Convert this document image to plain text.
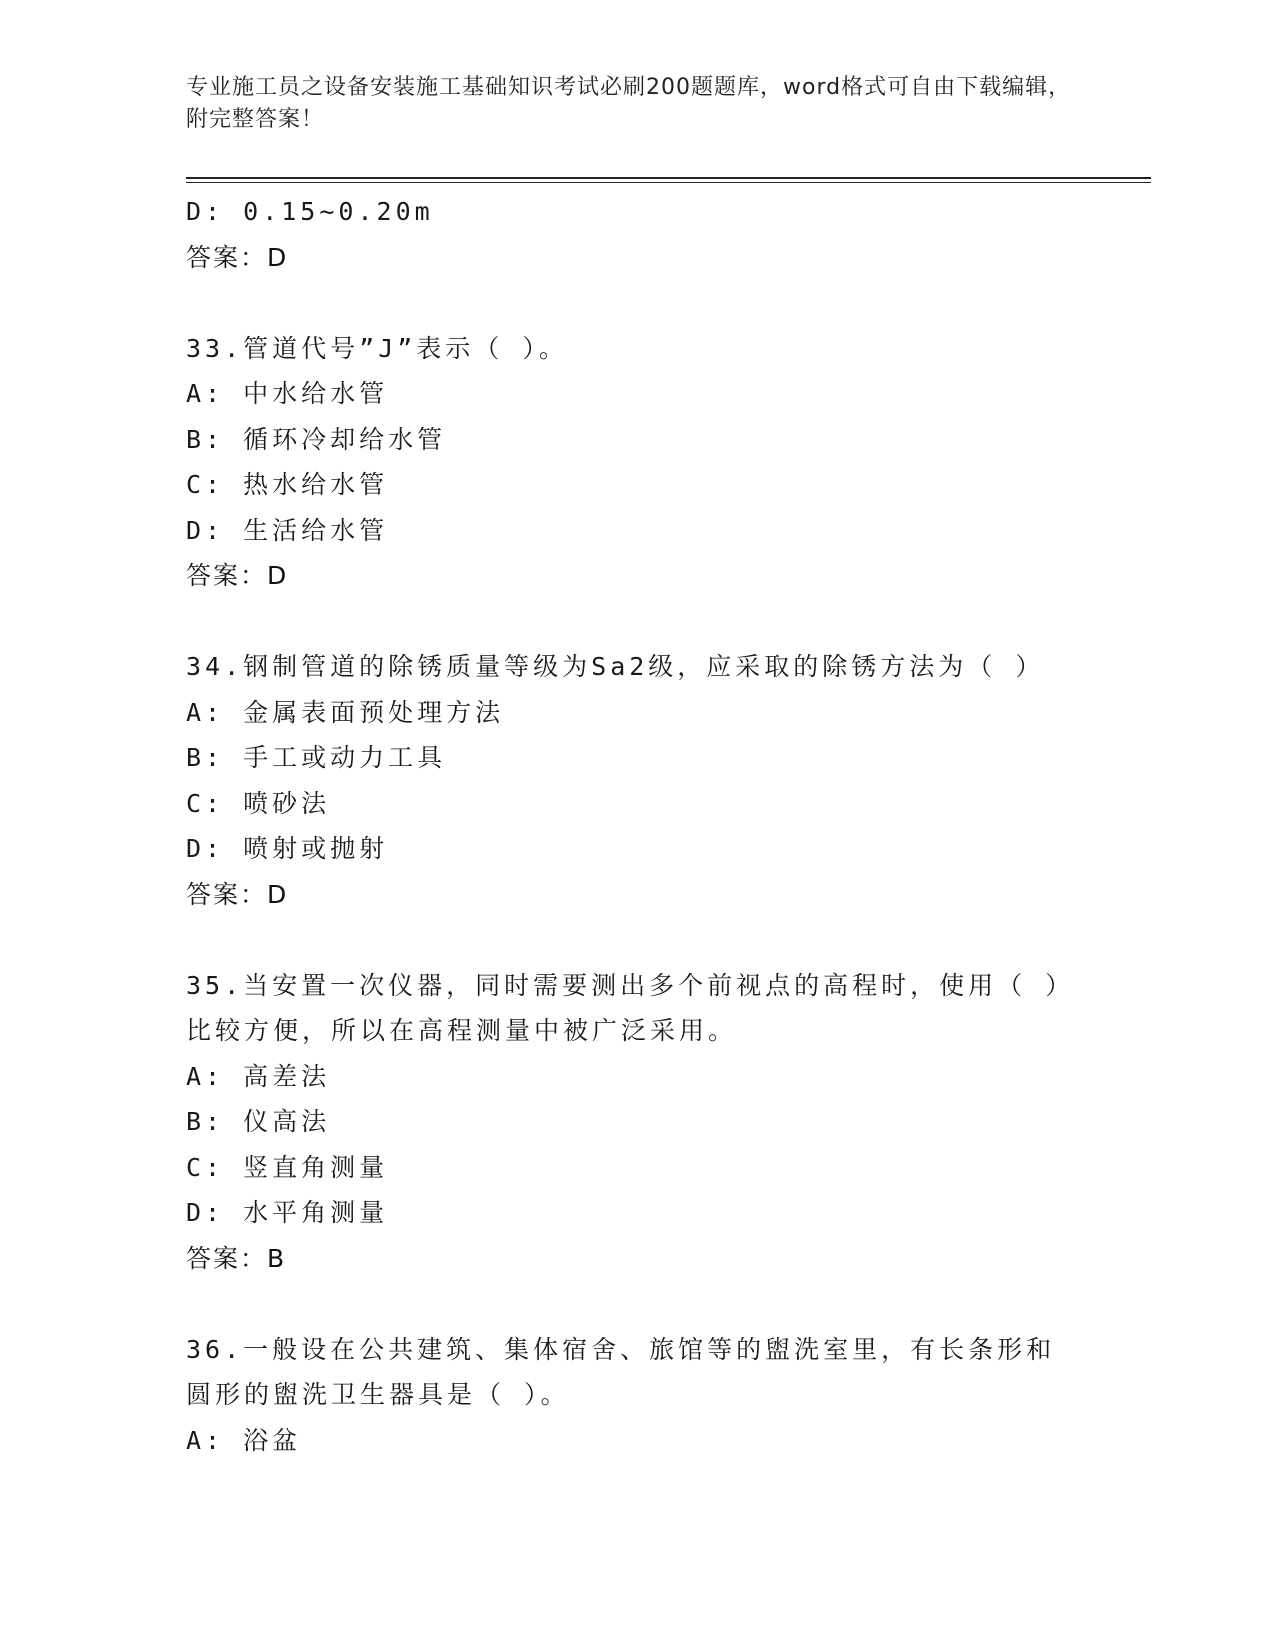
专业施工员之设备安装施工基础知识考试必刷200题题库，word格式可自由下载编辑，附完整答案！
D: 0.15~0.20m
答案：D
33.管道代号”J”表示（ ）。
A: 中水给水管
B: 循环冷却给水管
C: 热水给水管
D: 生活给水管
答案：D
34.钢制管道的除锈质量等级为Sa2级，应采取的除锈方法为（ ）
A: 金属表面预处理方法
B: 手工或动力工具
C: 喷砂法
D: 喷射或抛射
答案：D
35.当安置一次仪器，同时需要测出多个前视点的高程时，使用（ ）比较方便，所以在高程测量中被广泛采用。
A: 高差法
B: 仪高法
C: 竖直角测量
D: 水平角测量
答案：B
36.一般设在公共建筑、集体宿舍、旅馆等的盥洗室里，有长条形和圆形的盥洗卫生器具是（ ）。
A: 浴盆
